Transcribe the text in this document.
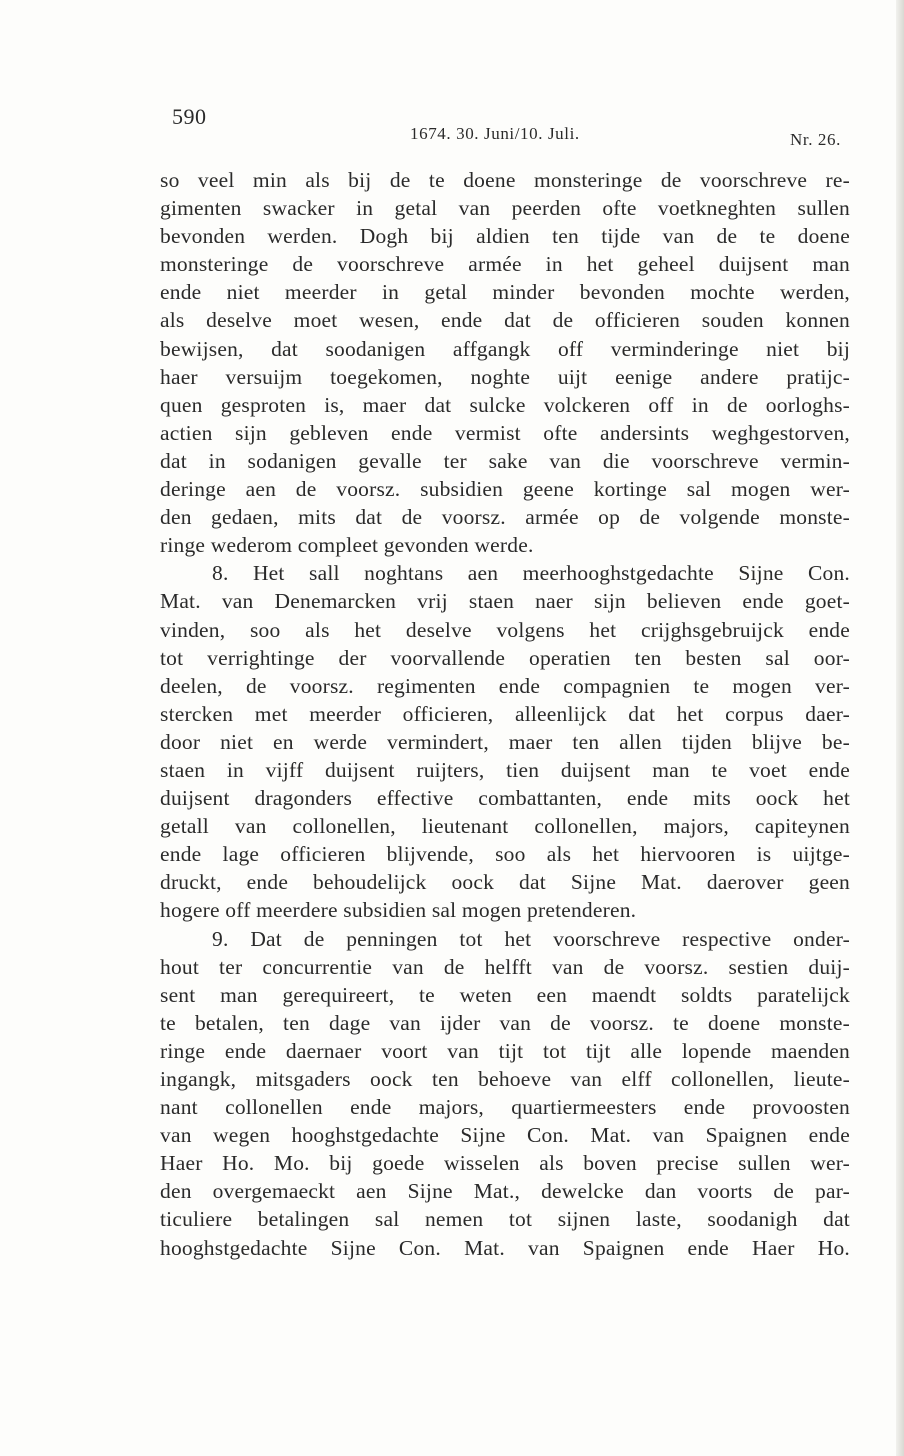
590
1674. 30. Juni/10. Juli.	Nr. 26.
so veel min als bij de te doene monsteringe de voorschreve re-
gimenten swacker in getal van peerden ofte voetkneghten sullen
bevonden werden. Dogh bij aldien ten tijde van de te doene
monsteringe de voorschreve armée in het geheel duijsent man
ende niet meerder in getal minder bevonden mochte werden,
als deselve moet wesen, ende dat de officieren souden konnen
bewijsen, dat soodanigen affgangk off verminderinge niet bij
haer versuijm toegekomen, noghte uijt eenige andere pratijc-
quen gesproten is, maer dat sulcke volckeren off in de oorloghs-
actien sijn gebleven ende vermist ofte andersints weghgestorven,
dat in sodanigen gevalle ter sake van die voorschreve vermin-
deringe aen de voorsz. subsidien geene kortinge sal mogen wer-
den gedaen, mits dat de voorsz. armée op de volgende monste-
ringe wederom compleet gevonden werde.
8. Het sall noghtans aen meerhooghstgedachte Sijne Con.
Mat. van Denemarcken vrij staen naer sijn believen ende goet-
vinden, soo als het deselve volgens het crijghsgebruijck ende
tot verrightinge der voorvallende operatien ten besten sal oor-
deelen, de voorsz. regimenten ende compagnien te mogen ver-
stercken met meerder officieren, alleenlijck dat het corpus daer-
door niet en werde vermindert, maer ten allen tijden blijve be-
staen in vijff duijsent ruijters, tien duijsent man te voet ende
duijsent dragonders effective combattanten, ende mits oock het
getall van collonellen, lieutenant collonellen, majors, capiteynen
ende lage officieren blijvende, soo als het hiervooren is uijtge-
druckt, ende behoudelijck oock dat Sijne Mat. daerover geen
hogere off meerdere subsidien sal mogen pretenderen.
9. Dat de penningen tot het voorschreve respective onder-
hout ter concurrentie van de helfft van de voorsz. sestien duij-
sent man gerequireert, te weten een maendt soldts paratelijck
te betalen, ten dage van ijder van de voorsz. te doene monste-
ringe ende daernaer voort van tijt tot tijt alle lopende maenden
ingangk, mitsgaders oock ten behoeve van elff collonellen, lieute-
nant collonellen ende majors, quartiermeesters ende provoosten
van wegen hooghstgedachte Sijne Con. Mat. van Spaignen ende
Haer Ho. Mo. bij goede wisselen als boven precise sullen wer-
den overgemaeckt aen Sijne Mat., dewelcke dan voorts de par-
ticuliere betalingen sal nemen tot sijnen laste, soodanigh dat
hooghstgedachte Sijne Con. Mat. van Spaignen ende Haer Ho.
